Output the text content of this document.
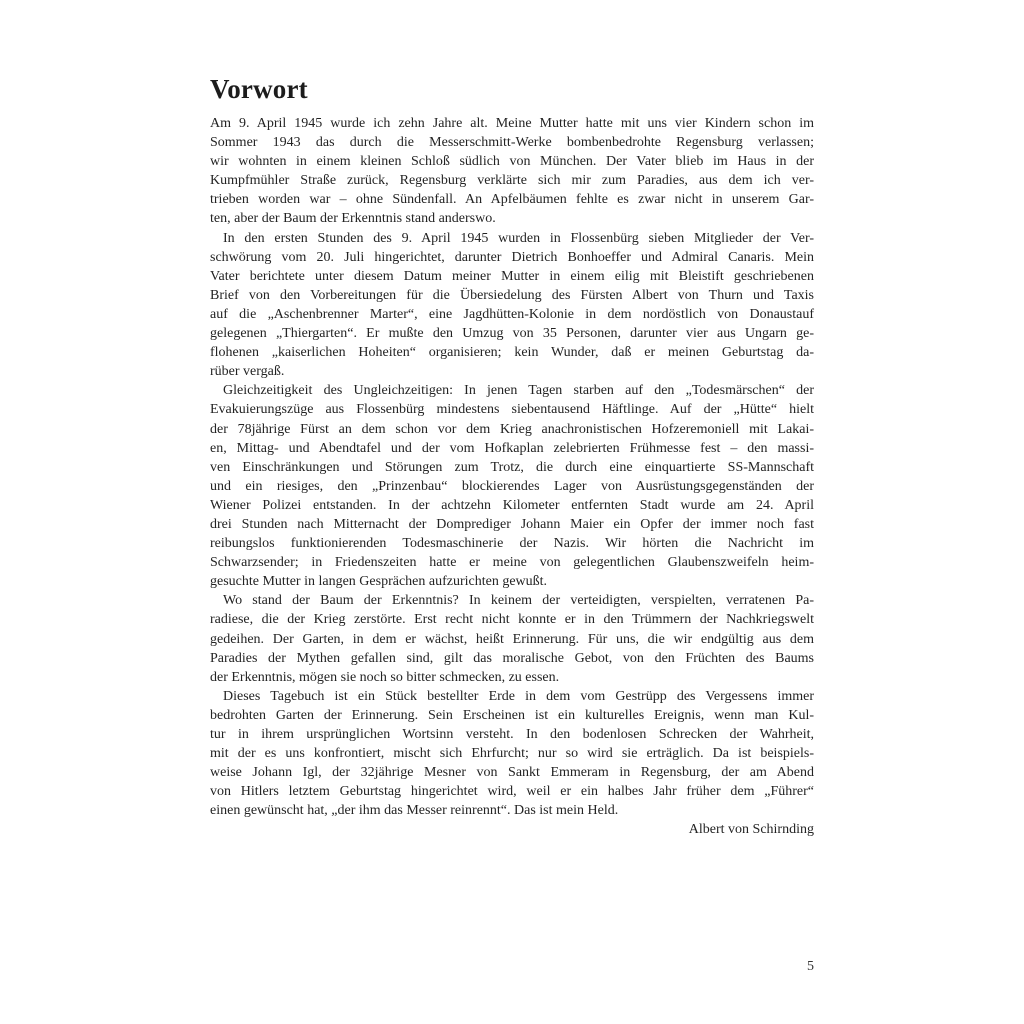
Vorwort
Am 9. April 1945 wurde ich zehn Jahre alt. Meine Mutter hatte mit uns vier Kindern schon im
Sommer 1943 das durch die Messerschmitt-Werke bombenbedrohte Regensburg verlassen;
wir wohnten in einem kleinen Schloß südlich von München. Der Vater blieb im Haus in der
Kumpfmühler Straße zurück, Regensburg verklärte sich mir zum Paradies, aus dem ich ver-
trieben worden war – ohne Sündenfall. An Apfelbäumen fehlte es zwar nicht in unserem Gar-
ten, aber der Baum der Erkenntnis stand anderswo.
In den ersten Stunden des 9. April 1945 wurden in Flossenbürg sieben Mitglieder der Ver-
schwörung vom 20. Juli hingerichtet, darunter Dietrich Bonhoeffer und Admiral Canaris. Mein
Vater berichtete unter diesem Datum meiner Mutter in einem eilig mit Bleistift geschriebenen
Brief von den Vorbereitungen für die Übersiedelung des Fürsten Albert von Thurn und Taxis
auf die „Aschenbrenner Marter“, eine Jagdhütten-Kolonie in dem nordöstlich von Donaustauf
gelegenen „Thiergarten“. Er mußte den Umzug von 35 Personen, darunter vier aus Ungarn ge-
flohenen „kaiserlichen Hoheiten“ organisieren; kein Wunder, daß er meinen Geburtstag da-
rüber vergaß.
Gleichzeitigkeit des Ungleichzeitigen: In jenen Tagen starben auf den „Todesmärschen“ der
Evakuierungszüge aus Flossenbürg mindestens siebentausend Häftlinge. Auf der „Hütte“ hielt
der 78jährige Fürst an dem schon vor dem Krieg anachronistischen Hofzeremoniell mit Lakai-
en, Mittag- und Abendtafel und der vom Hofkaplan zelebrierten Frühmesse fest – den massi-
ven Einschränkungen und Störungen zum Trotz, die durch eine einquartierte SS-Mannschaft
und ein riesiges, den „Prinzenbau“ blockierendes Lager von Ausrüstungsgegenständen der
Wiener Polizei entstanden. In der achtzehn Kilometer entfernten Stadt wurde am 24. April
drei Stunden nach Mitternacht der Domprediger Johann Maier ein Opfer der immer noch fast
reibungslos funktionierenden Todesmaschinerie der Nazis. Wir hörten die Nachricht im
Schwarzsender; in Friedenszeiten hatte er meine von gelegentlichen Glaubenszweifeln heim-
gesuchte Mutter in langen Gesprächen aufzurichten gewußt.
Wo stand der Baum der Erkenntnis? In keinem der verteidigten, verspielten, verratenen Pa-
radiese, die der Krieg zerstörte. Erst recht nicht konnte er in den Trümmern der Nachkriegswelt
gedeihen. Der Garten, in dem er wächst, heißt Erinnerung. Für uns, die wir endgültig aus dem
Paradies der Mythen gefallen sind, gilt das moralische Gebot, von den Früchten des Baums
der Erkenntnis, mögen sie noch so bitter schmecken, zu essen.
Dieses Tagebuch ist ein Stück bestellter Erde in dem vom Gestrüpp des Vergessens immer
bedrohten Garten der Erinnerung. Sein Erscheinen ist ein kulturelles Ereignis, wenn man Kul-
tur in ihrem ursprünglichen Wortsinn versteht. In den bodenlosen Schrecken der Wahrheit,
mit der es uns konfrontiert, mischt sich Ehrfurcht; nur so wird sie erträglich. Da ist beispiels-
weise Johann Igl, der 32jährige Mesner von Sankt Emmeram in Regensburg, der am Abend
von Hitlers letztem Geburtstag hingerichtet wird, weil er ein halbes Jahr früher dem „Führer“
einen gewünscht hat, „der ihm das Messer reinrennt“. Das ist mein Held.
Albert von Schirnding
5
